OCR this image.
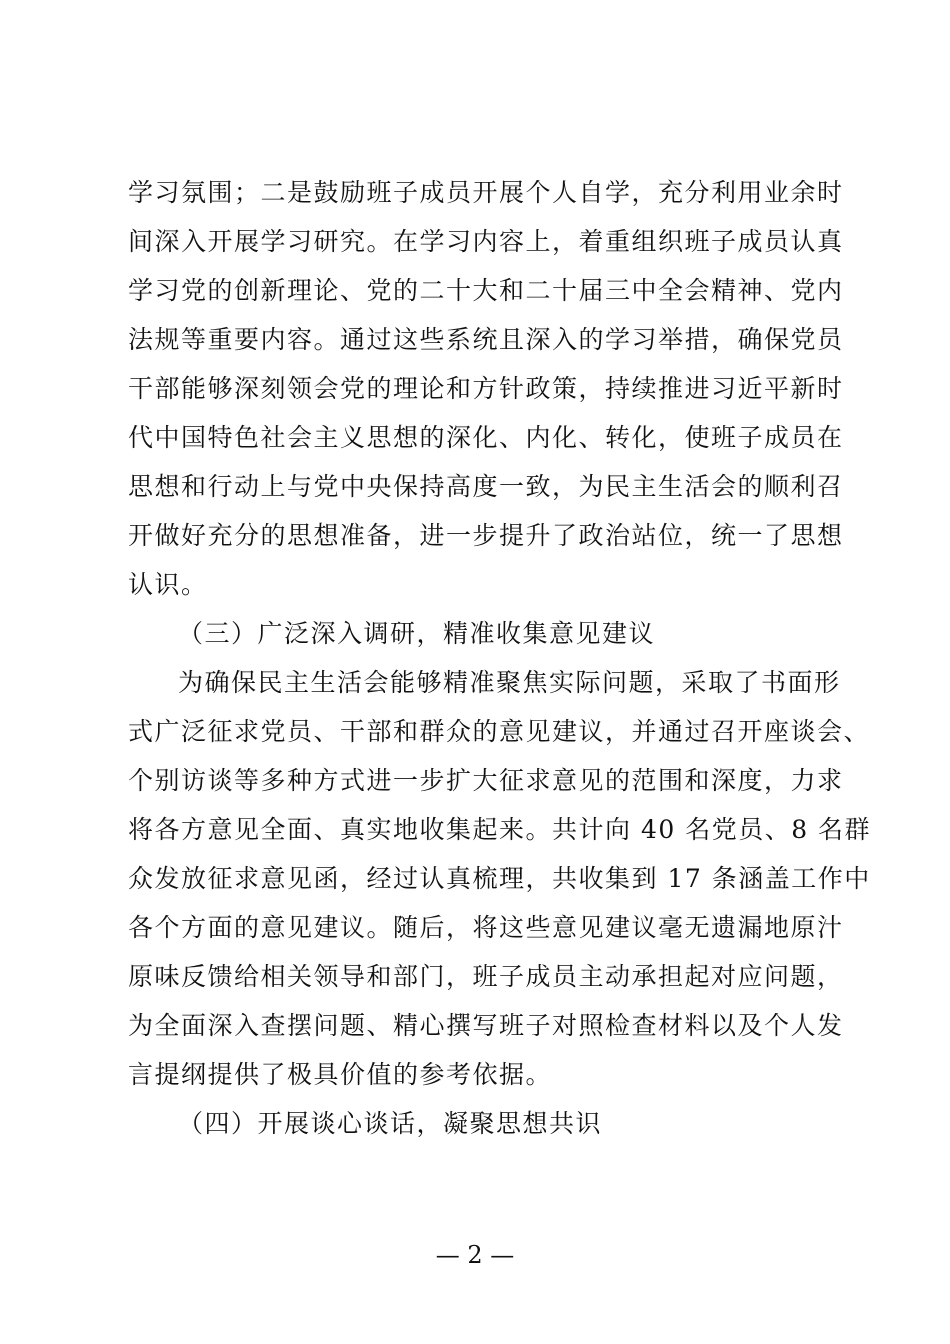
学习氛围；二是鼓励班子成员开展个人自学，充分利用业余时
间深入开展学习研究。在学习内容上，着重组织班子成员认真
学习党的创新理论、党的二十大和二十届三中全会精神、党内
法规等重要内容。通过这些系统且深入的学习举措，确保党员
干部能够深刻领会党的理论和方针政策，持续推进习近平新时
代中国特色社会主义思想的深化、内化、转化，使班子成员在
思想和行动上与党中央保持高度一致，为民主生活会的顺利召
开做好充分的思想准备，进一步提升了政治站位，统一了思想
认识。
（三）广泛深入调研，精准收集意见建议
为确保民主生活会能够精准聚焦实际问题，采取了书面形
式广泛征求党员、干部和群众的意见建议，并通过召开座谈会、
个别访谈等多种方式进一步扩大征求意见的范围和深度，力求
将各方意见全面、真实地收集起来。共计向 40 名党员、8 名群
众发放征求意见函，经过认真梳理，共收集到 17 条涵盖工作中
各个方面的意见建议。随后，将这些意见建议毫无遗漏地原汁
原味反馈给相关领导和部门，班子成员主动承担起对应问题，
为全面深入查摆问题、精心撰写班子对照检查材料以及个人发
言提纲提供了极具价值的参考依据。
（四）开展谈心谈话，凝聚思想共识
— 2 —
